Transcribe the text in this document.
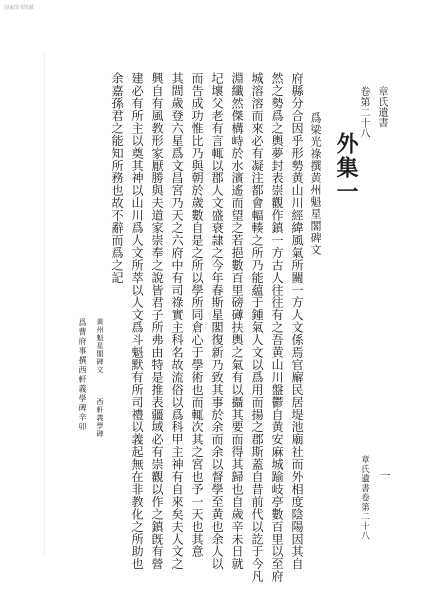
国家图书馆藏
章氏遺書
卷第二十八
外集一
爲梁光祿撰黄州魁星閣碑文
府縣分合因乎形勢黄山川經緯風氣所關一方人文係焉官廨民居堤池廟社而外相度陰陽因其自
然之勢爲之輿夢封表崇觀作鎮一方古人往往有之吾黄山川盤鬱自黄安麻城踰岐亭數百里以至府
城溶溶而來必有凝注都會輻輳之所乃能藴于鍾氣人文以爲用而揚之郡斯蓋自昔前代以訖于今凡
淵纖然傑構峙於水濱遙而望之若挹數百里磅礡扶輿之氣有以攝其要而得其歸也自歲辛未日就
圮壞父老有言輒以郡人文盛衰隷之今年春斯星閣復新乃致其事於余而余以督學至黄也余人以
而告成功惟比乃與朝於歲數自是之所以學所同倉心于學術也而輒次其之宮也予一天也其意
其間歲登六星爲文昌宮乃天之六府中有司祿實主科名故流俗以爲科甲主神有自來矣夫人文之
興自有風教形家厭勝與夫道家崇奉之說皆君子所弗由特是推表疆域必有崇觀以作之鎮旣有營
建必有所主以奠其神以山川爲人文所萃以人文爲斗魁默有所司禮以義起無在非教化之所助也
余嘉孫君之能知所務也故不辭而爲之記
黄州魁星閣碑文
西軒義學碑
爲曹府事撰西軒義學碑辛卯
一
章氏遺書卷第二十八
